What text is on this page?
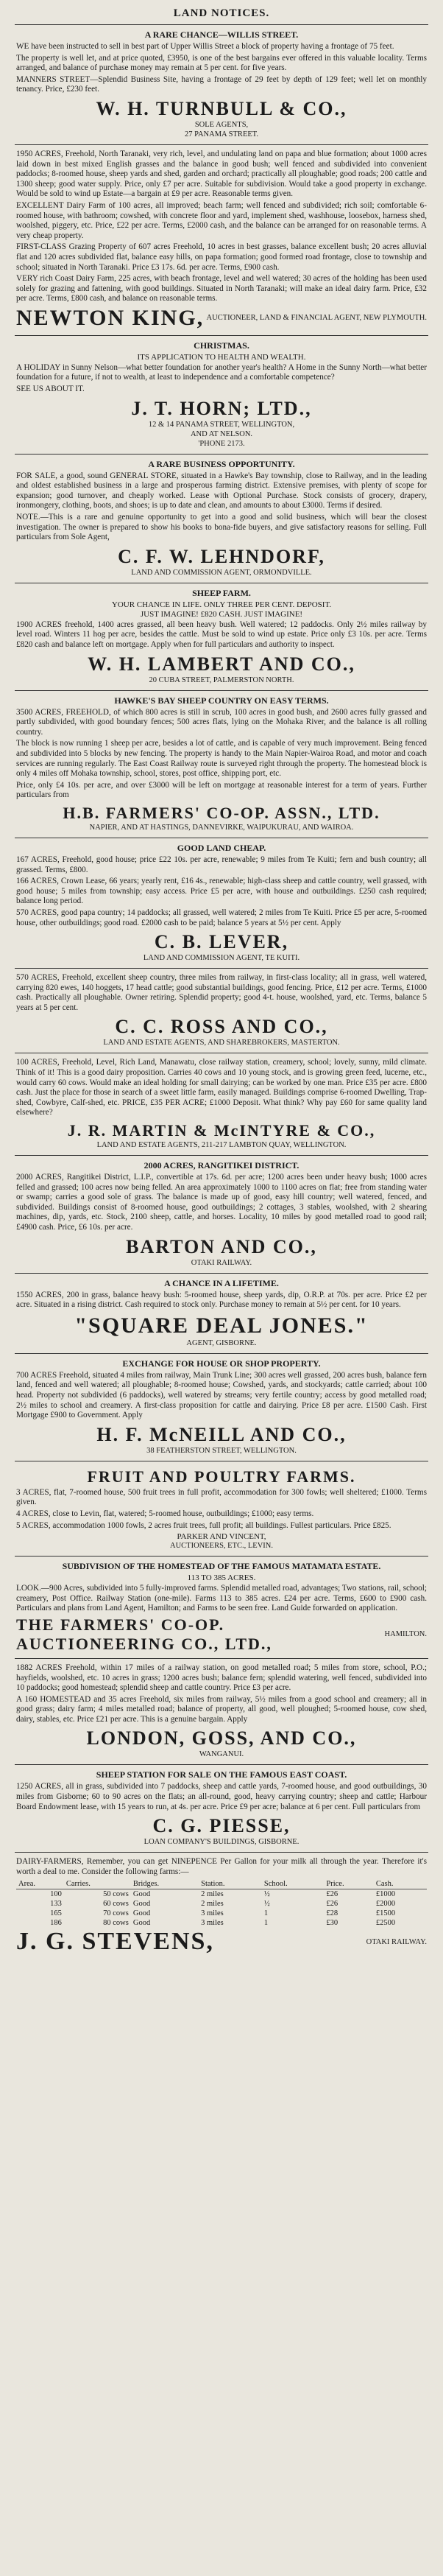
LAND NOTICES.
A RARE CHANCE—WILLIS STREET.

WE have been instructed to sell in best part of Upper Willis Street a block of property having a frontage of 75 feet.

The property is well let, and at price quoted, £3950, is one of the best bargains ever offered in this valuable locality. Terms arranged, and balance of purchase money may remain at 5 per cent. for five years.

MANNERS STREET—Splendid Business Site, having a frontage of 29 feet by depth of 129 feet; well let on monthly tenancy. Price, £230 feet.

W. H. TURNBULL & CO.,
SOLE AGENTS,
27 PANAMA STREET.

1950 ACRES, Freehold, North Taranaki, very rich, level, and undulating land on papa and blue formation; about 1000 acres laid down in best mixed English grasses and the balance in good bush; well fenced and subdivided into convenient paddocks; 8-roomed house, sheep yards and shed, garden and orchard; practically all ploughable; good roads; 200 cattle and 1300 sheep; good water supply. Price, only £7 per acre. Suitable for subdivision. Would take a good property in exchange. Would be sold to wind up Estate—a bargain at £9 per acre. Reasonable terms given.

EXCELLENT Dairy Farm of 100 acres, all improved; beach farm; well fenced and subdivided; rich soil; comfortable 6-roomed house, with bathroom; cowshed, with concrete floor and yard, implement shed, washhouse, loosebox, harness shed, woolshed, piggery, etc. Price, £22 per acre. Terms, £2000 cash, and the balance can be arranged for on reasonable terms. A very cheap property.

FIRST-CLASS Grazing Property of 607 acres Freehold, 10 acres in best grasses, balance excellent bush; 20 acres alluvial flat and 120 acres subdivided flat, balance easy hills, on papa formation; good formed road frontage, close to township and school; situated in North Taranaki. Price £3 17s. 6d. per acre. Terms, £900 cash.

VERY rich Coast Dairy Farm, 225 acres, with beach frontage, level and well watered; 30 acres of the holding has been used solely for grazing and fattening, with good buildings. Situated in North Taranaki; will make an ideal dairy farm. Price, £32 per acre. Terms, £800 cash, and balance on reasonable terms.

NEWTON KING, AUCTIONEER, LAND & FINANCIAL AGENT, NEW PLYMOUTH.
CHRISTMAS.
ITS APPLICATION TO HEALTH AND WEALTH.

A HOLIDAY in Sunny Nelson—what better foundation for another year's health? A Home in the Sunny North—what better foundation for a future, if not to wealth, at least to independence and a comfortable competence?

SEE US ABOUT IT.

J. T. HORN; LTD.,
12 & 14 PANAMA STREET, WELLINGTON,
AND AT NELSON.
'PHONE 2173.
A RARE BUSINESS OPPORTUNITY.

FOR SALE, a good, sound GENERAL STORE, situated in a Hawke's Bay township, close to Railway, and in the leading and oldest established business in a large and prosperous farming district. Extensive premises, with plenty of scope for expansion; good turnover, and cheaply worked. Lease with Optional Purchase. Stock consists of grocery, drapery, ironmongery, clothing, boots, and shoes; is up to date and clean, and amounts to about £3000. Terms if desired.

NOTE.—This is a rare and genuine opportunity to get into a good and solid business, which will bear the closest investigation. The owner is prepared to show his books to bona-fide buyers, and give satisfactory reasons for selling. Full particulars from Sole Agent,

C. F. W. LEHNDORF,
LAND AND COMMISSION AGENT, ORMONDVILLE.
SHEEP FARM.
YOUR CHANCE IN LIFE. ONLY THREE PER CENT. DEPOSIT.
JUST IMAGINE! £820 CASH. JUST IMAGINE!

1900 ACRES freehold, 1400 acres grassed, all been heavy bush. Well watered; 12 paddocks. Only 2½ miles railway by level road. Winters 11 hog per acre, besides the cattle. Must be sold to wind up estate. Price only £3 10s. per acre. Terms £820 cash and balance left on mortgage. Apply when for full particulars and authority to inspect.

W. H. LAMBERT AND CO.,
20 CUBA STREET, PALMERSTON NORTH.
HAWKE'S BAY SHEEP COUNTRY ON EASY TERMS.

3500 ACRES, FREEHOLD, of which 800 acres is still in scrub, 100 acres in good bush, and 2600 acres fully grassed and partly subdivided, with good boundary fences; 500 acres flats, lying on the Mohaka River, and the balance is all rolling country.

The block is now running 1 sheep per acre, besides a lot of cattle, and is capable of very much improvement. Being fenced and subdivided into 5 blocks by new fencing. The property is handy to the Main Napier-Wairoa Road, and motor and coach services are running regularly. The East Coast Railway route is surveyed right through the property. The homestead block is only 4 miles off Mohaka township, school, stores, post office, shipping port, etc.

Price, only £4 10s. per acre, and over £3000 will be left on mortgage at reasonable interest for a term of years. Further particulars from

H.B. FARMERS' CO-OP. ASSN., LTD.
NAPIER, AND AT HASTINGS, DANNEVIRKE, WAIPUKURAU, AND WAIROA.
GOOD LAND CHEAP.

167 ACRES, Freehold, good house; price £22 10s. per acre, renewable; 9 miles from Te Kuiti; fern and bush country; all grassed. Terms, £800.

166 ACRES, Crown Lease, 66 years; yearly rent, £16 4s., renewable; high-class sheep and cattle country, well grassed, with good house; 5 miles from township; easy access. Price £5 per acre, with house and outbuildings. £250 cash required; balance long period.

570 ACRES, good papa country; 14 paddocks; all grassed, well watered; 2 miles from Te Kuiti. Price £5 per acre, 5-roomed house, other outbuildings; good road. £2000 cash to be paid; balance 5 years at 5½ per cent. Apply

C. B. LEVER,
LAND AND COMMISSION AGENT, TE KUITI.

570 ACRES, Freehold, excellent sheep country, three miles from railway, in first-class locality; all in grass, well watered, carrying 820 ewes, 140 hoggets, 17 head cattle; good substantial buildings, good fencing. Price, £12 per acre. Terms, £1000 cash. Practically all ploughable. Owner retiring. Splendid property; good 4-t. house, woolshed, yard, etc. Terms, balance 5 years at 5 per cent.

C. C. ROSS AND CO.,
LAND AND ESTATE AGENTS, AND SHAREBROKERS, MASTERTON.

100 ACRES, Freehold, Level, Rich Land, Manawatu, close railway station, creamery, school; lovely, sunny, mild climate. Think of it! This is a good dairy proposition. Carries 40 cows and 10 young stock, and is growing green feed, lucerne, etc., would carry 60 cows. Would make an ideal holding for small dairying; can be worked by one man. Price £35 per acre. £800 cash. Just the place for those in search of a sweet little farm, easily managed. Buildings comprise 6-roomed Dwelling, Trap-shed, Cowbyre, Calf-shed, etc. PRICE, £35 PER ACRE; £1000 Deposit. What think? Why pay £60 for same quality land elsewhere?

J. R. MARTIN & McINTYRE & CO.,
LAND AND ESTATE AGENTS, 211-217 LAMBTON QUAY, WELLINGTON.
2000 ACRES, RANGITIKEI DISTRICT.

2000 ACRES, Rangitikei District, L.I.P., convertible at 17s. 6d. per acre; 1200 acres been under heavy bush; 1000 acres felled and grassed; 100 acres now being felled. An area approximately 1000 to 1100 acres on flat; free from standing water or swamp; carries a good sole of grass. The balance is made up of good, easy hill country; well watered, fenced, and subdivided. Buildings consist of 8-roomed house, good outbuildings; 2 cottages, 3 stables, woolshed, with 2 shearing machines, dip, yards, etc. Stock, 2100 sheep, cattle, and horses. Locality, 10 miles by good metalled road to good rail; £4900 cash. Price, £6 10s. per acre.

BARTON AND CO.,
OTAKI RAILWAY.
A CHANCE IN A LIFETIME.

1550 ACRES, 200 in grass, balance heavy bush: 5-roomed house, sheep yards, dip, O.R.P. at 70s. per acre. Price £2 per acre. Situated in a rising district. Cash required to stock only. Purchase money to remain at 5½ per cent. for 10 years.

"SQUARE DEAL JONES."
AGENT, GISBORNE.
EXCHANGE FOR HOUSE OR SHOP PROPERTY.

700 ACRES Freehold, situated 4 miles from railway, Main Trunk Line; 300 acres well grassed, 200 acres bush, balance fern land, fenced and well watered; all ploughable; 8-roomed house; Cowshed, yards, and stockyards; cattle carried; about 100 head. Property not subdivided (6 paddocks), well watered by streams; very fertile country; access by good metalled road; 2½ miles to school and creamery. A first-class proposition for cattle and dairying. Price £8 per acre. £1500 Cash. First Mortgage £900 to Government. Apply

H. F. McNEILL AND CO.,
38 FEATHERSTON STREET, WELLINGTON.
FRUIT AND POULTRY FARMS.

3 ACRES, flat, 7-roomed house, 500 fruit trees in full profit, accommodation for 300 fowls; well sheltered; £1000. Terms given.

4 ACRES, close to Levin, flat, watered; 5-roomed house, outbuildings; £1000; easy terms.

5 ACRES, accommodation 1000 fowls, 2 acres fruit trees, full profit; all buildings. Fullest particulars. Price £825.

PARKER AND VINCENT,
AUCTIONEERS, ETC., LEVIN.
SUBDIVISION OF THE HOMESTEAD OF THE FAMOUS MATAMATA ESTATE.
113 TO 385 ACRES.

LOOK.—900 Acres, subdivided into 5 fully-improved farms. Splendid metalled road, advantages; Two stations, rail, school; creamery, Post Office. Railway Station (one-mile). Farms 113 to 385 acres. £24 per acre. Terms, £600 to £900 cash. Particulars and plans from Land Agent, Hamilton; and Farms to be seen free. Land Guide forwarded on application.

THE FARMERS' CO-OP. AUCTIONEERING CO., LTD.,	HAMILTON.

1882 ACRES Freehold, within 17 miles of a railway station, on good metalled road; 5 miles from store, school, P.O.; hayfields, woolshed, etc. 10 acres in grass; 1200 acres bush; balance fern; splendid watering, well fenced, subdivided into 10 paddocks; good homestead; splendid sheep and cattle country. Price £3 per acre.

A 160 HOMESTEAD and 35 acres Freehold, six miles from railway, 5½ miles from a good school and creamery; all in good grass; dairy farm; 4 miles metalled road; balance of property, all good, well ploughed; 5-roomed house, cow shed, dairy, stables, etc. Price £21 per acre. This is a genuine bargain. Apply

LONDON, GOSS, AND CO.,
WANGANUI.
SHEEP STATION FOR SALE ON THE FAMOUS EAST COAST.

1250 ACRES, all in grass, subdivided into 7 paddocks, sheep and cattle yards, 7-roomed house, and good outbuildings, 30 miles from Gisborne; 60 to 90 acres on the flats; an all-round, good, heavy carrying country; sheep and cattle; Harbour Board Endowment lease, with 15 years to run, at 4s. per acre. Price £9 per acre; balance at 6 per cent. Full particulars from

C. G. PIESSE,
LOAN COMPANY'S BUILDINGS, GISBORNE.

DAIRY-FARMERS, Remember, you can get NINEPENCE Per Gallon for your milk all through the year. Therefore it's worth a deal to me. Consider the following farms:—

Area.	Carries.	Bridges.	Station.	School.	Price.	Cash.
100	50 cows	Good	2 miles	½	£26	£1000
133	60 cows	Good	2 miles	½	£26	£2000
165	70 cows	Good	3 miles	1	£28	£1500
186	80 cows	Good	3 miles	1	£30	£2500
J. G. STEVENS,	OTAKI RAILWAY.
